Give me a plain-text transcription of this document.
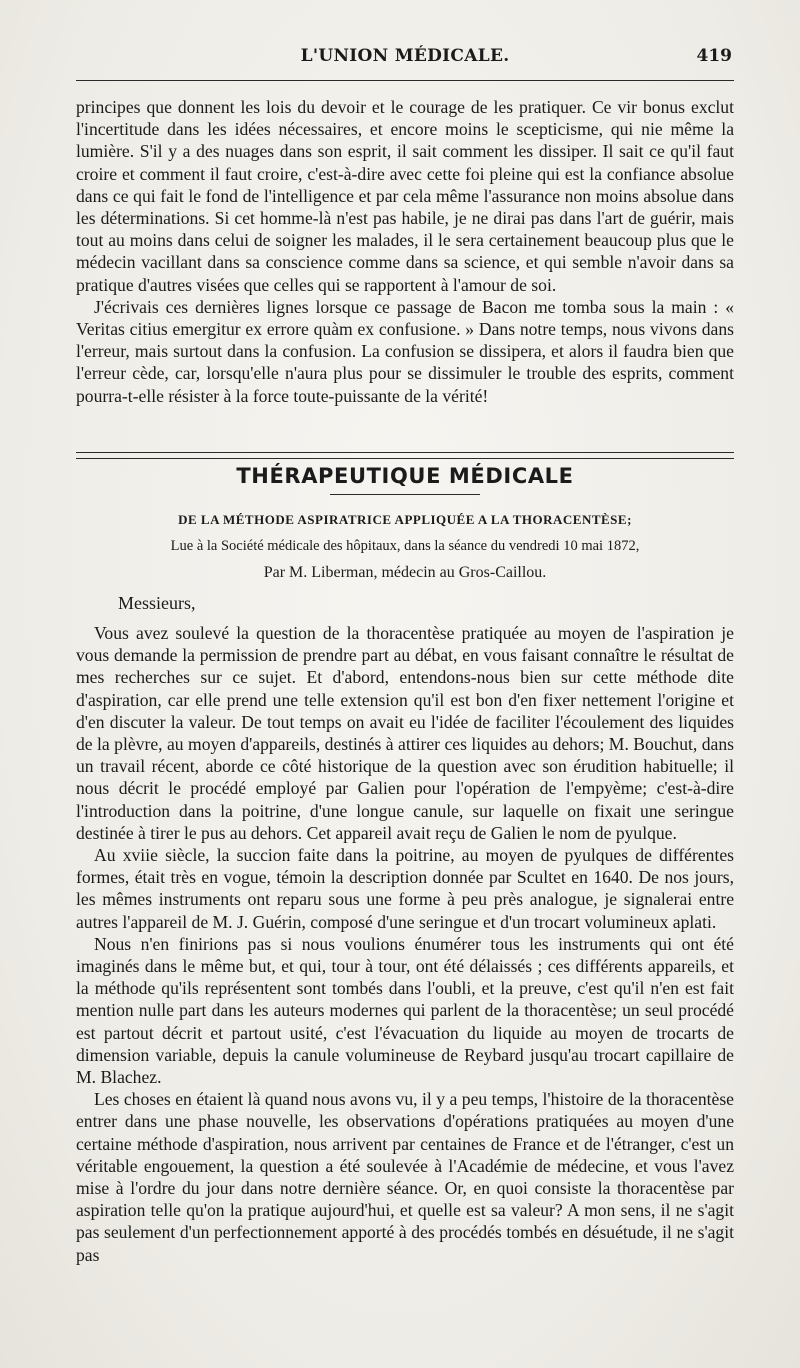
L'UNION MÉDICALE.	419

principes que donnent les lois du devoir et le courage de les pratiquer. Ce vir bonus exclut l'incertitude dans les idées nécessaires, et encore moins le scepticisme, qui nie même la lumière. S'il y a des nuages dans son esprit, il sait comment les dissiper. Il sait ce qu'il faut croire et comment il faut croire, c'est-à-dire avec cette foi pleine qui est la confiance absolue dans ce qui fait le fond de l'intelligence et par cela même l'assurance non moins absolue dans les déterminations. Si cet homme-là n'est pas habile, je ne dirai pas dans l'art de guérir, mais tout au moins dans celui de soigner les malades, il le sera certainement beaucoup plus que le médecin vacillant dans sa conscience comme dans sa science, et qui semble n'avoir dans sa pratique d'autres visées que celles qui se rapportent à l'amour de soi.

J'écrivais ces dernières lignes lorsque ce passage de Bacon me tomba sous la main : « Veritas citius emergitur ex errore quàm ex confusione. » Dans notre temps, nous vivons dans l'erreur, mais surtout dans la confusion. La confusion se dissipera, et alors il faudra bien que l'erreur cède, car, lorsqu'elle n'aura plus pour se dissimuler le trouble des esprits, comment pourra-t-elle résister à la force toute-puissante de la vérité!

THÉRAPEUTIQUE MÉDICALE
DE LA MÉTHODE ASPIRATRICE APPLIQUÉE A LA THORACENTÈSE;
Lue à la Société médicale des hôpitaux, dans la séance du vendredi 10 mai 1872,
Par M. Liberman, médecin au Gros-Caillou.
Messieurs,

Vous avez soulevé la question de la thoracentèse pratiquée au moyen de l'aspiration je vous demande la permission de prendre part au débat, en vous faisant connaître le résultat de mes recherches sur ce sujet. Et d'abord, entendons-nous bien sur cette méthode dite d'aspiration, car elle prend une telle extension qu'il est bon d'en fixer nettement l'origine et d'en discuter la valeur. De tout temps on avait eu l'idée de faciliter l'écoulement des liquides de la plèvre, au moyen d'appareils, destinés à attirer ces liquides au dehors; M. Bouchut, dans un travail récent, aborde ce côté historique de la question avec son érudition habituelle; il nous décrit le procédé employé par Galien pour l'opération de l'empyème; c'est-à-dire l'introduction dans la poitrine, d'une longue canule, sur laquelle on fixait une seringue destinée à tirer le pus au dehors. Cet appareil avait reçu de Galien le nom de pyulque.

Au xviie siècle, la succion faite dans la poitrine, au moyen de pyulques de différentes formes, était très en vogue, témoin la description donnée par Scultet en 1640. De nos jours, les mêmes instruments ont reparu sous une forme à peu près analogue, je signalerai entre autres l'appareil de M. J. Guérin, composé d'une seringue et d'un trocart volumineux aplati.

Nous n'en finirions pas si nous voulions énumérer tous les instruments qui ont été imaginés dans le même but, et qui, tour à tour, ont été délaissés ; ces différents appareils, et la méthode qu'ils représentent sont tombés dans l'oubli, et la preuve, c'est qu'il n'en est fait mention nulle part dans les auteurs modernes qui parlent de la thoracentèse; un seul procédé est partout décrit et partout usité, c'est l'évacuation du liquide au moyen de trocarts de dimension variable, depuis la canule volumineuse de Reybard jusqu'au trocart capillaire de M. Blachez.

Les choses en étaient là quand nous avons vu, il y a peu temps, l'histoire de la thoracentèse entrer dans une phase nouvelle, les observations d'opérations pratiquées au moyen d'une certaine méthode d'aspiration, nous arrivent par centaines de France et de l'étranger, c'est un véritable engouement, la question a été soulevée à l'Académie de médecine, et vous l'avez mise à l'ordre du jour dans notre dernière séance. Or, en quoi consiste la thoracentèse par aspiration telle qu'on la pratique aujourd'hui, et quelle est sa valeur? A mon sens, il ne s'agit pas seulement d'un perfectionnement apporté à des procédés tombés en désuétude, il ne s'agit pas
